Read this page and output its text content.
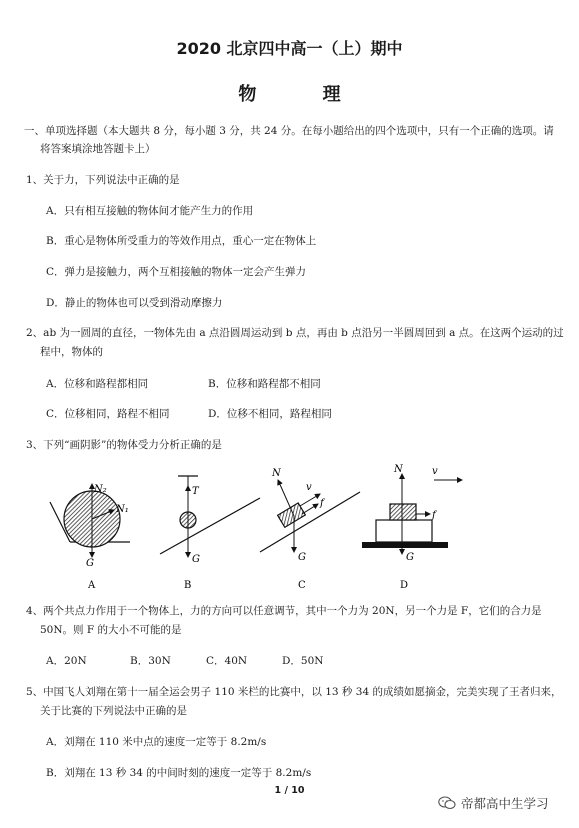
2020 北京四中高一（上）期中
物 理
一、单项选择题（本大题共 8 分，每小题 3 分，共 24 分。在每小题给出的四个选项中，只有一个正确的选项。请
将答案填涂地答题卡上）
1、关于力，下列说法中正确的是
A．只有相互接触的物体间才能产生力的作用
B．重心是物体所受重力的等效作用点，重心一定在物体上
C．弹力是接触力，两个互相接触的物体一定会产生弹力
D．静止的物体也可以受到滑动摩擦力
2、ab 为一圆周的直径，一物体先由 a 点沿圆周运动到 b 点，再由 b 点沿另一半圆周回到 a 点。在这两个运动的过
程中，物体的
A．位移和路程都相同	B．位移和路程都不相同
C．位移相同，路程不相同	D．位移不相同，路程相同
3、下列“画阴影”的物体受力分析正确的是
N₂
N₁
G
A
T
G
B
N
v
f
G
C
N	v
f
G
D
4、两个共点力作用于一个物体上，力的方向可以任意调节，其中一个力为 20N，另一个力是 F，它们的合力是
50N。则 F 的大小不可能的是
A．20N	B．30N	C．40N	D．50N
5、中国飞人刘翔在第十一届全运会男子 110 米栏的比赛中，以 13 秒 34 的成绩如愿摘金，完美实现了王者归来，
关于比赛的下列说法中正确的是
A．刘翔在 110 米中点的速度一定等于 8.2m/s
B．刘翔在 13 秒 34 的中间时刻的速度一定等于 8.2m/s
1 / 10
帝都高中生学习
